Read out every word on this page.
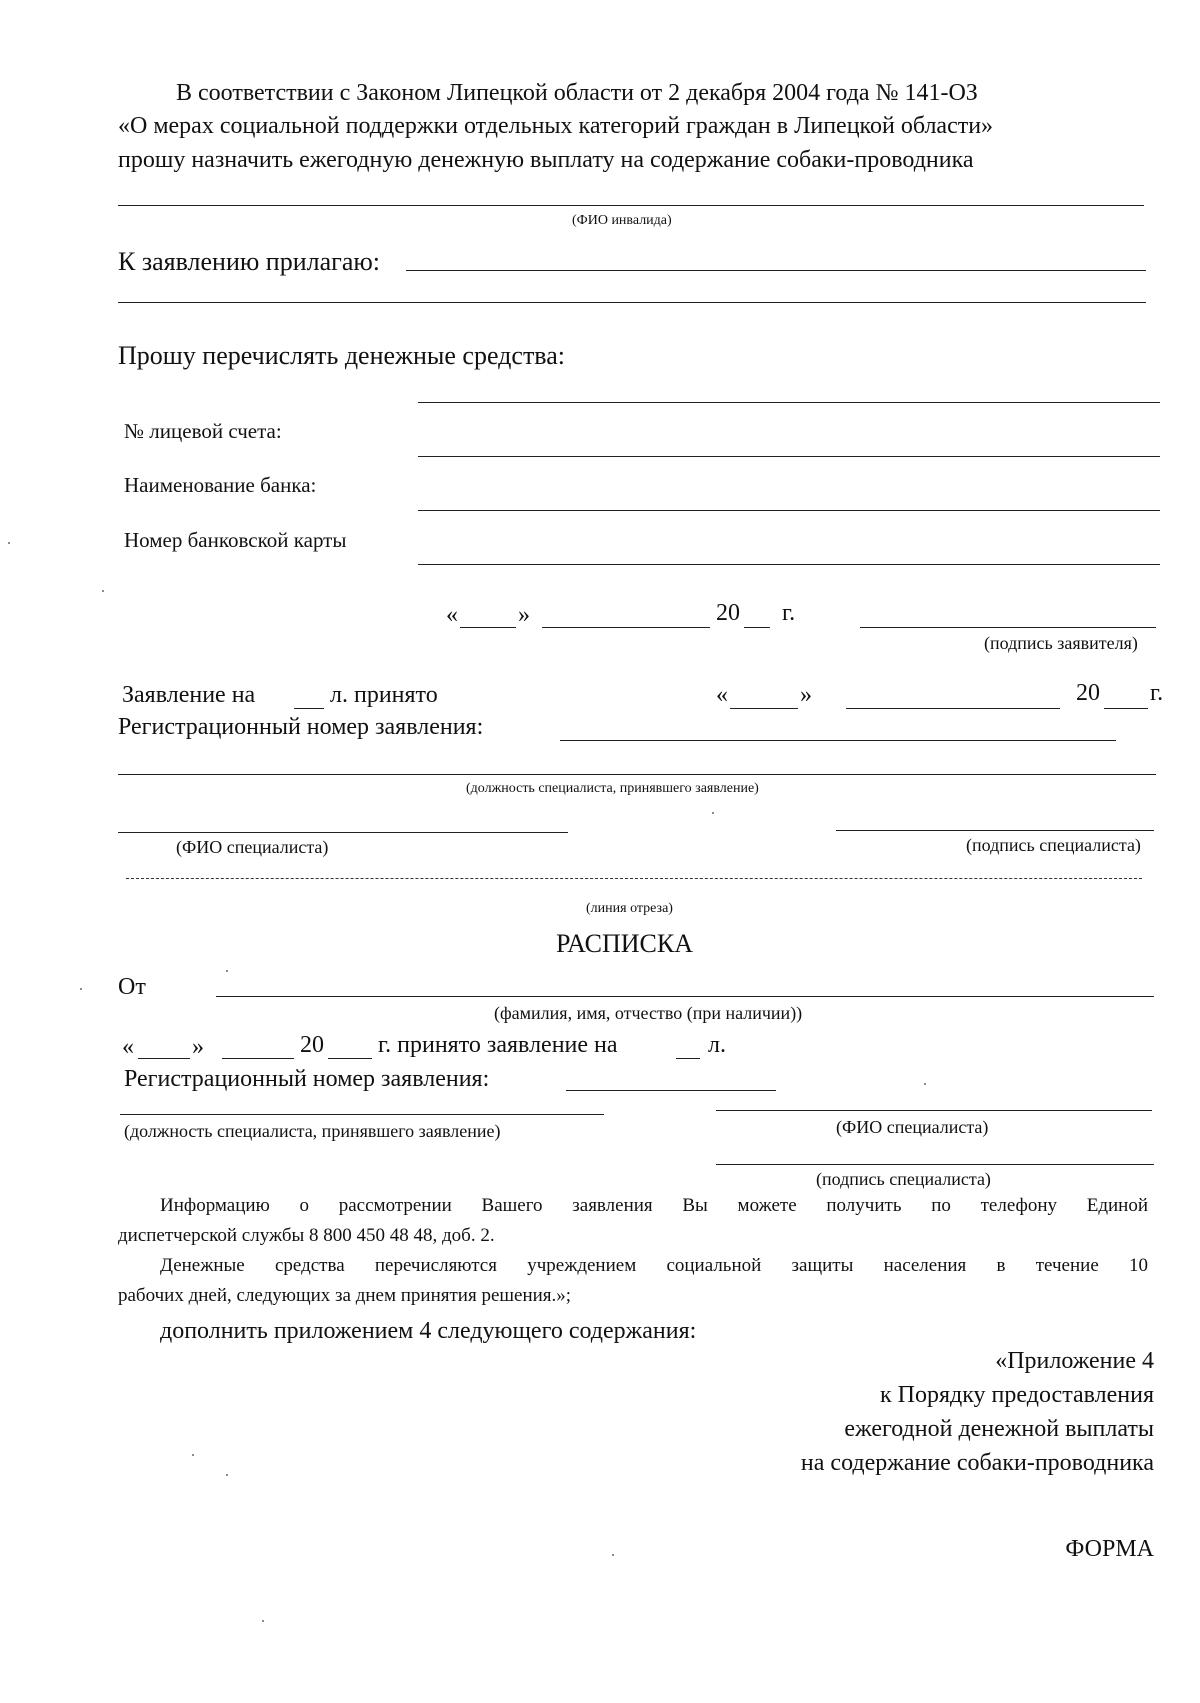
В соответствии с Законом Липецкой области от 2 декабря 2004 года № 141-ОЗ
«О мерах социальной поддержки отдельных категорий граждан в Липецкой области»
прошу назначить ежегодную денежную выплату на содержание собаки-проводника
(ФИО инвалида)
К заявлению прилагаю:
Прошу перечислять денежные средства:
№ лицевой счета:
Наименование банка:
Номер банковской карты
«	»	20 г.
(подпись заявителя)
Заявление на	л. принято	«	»	20 г.
Регистрационный номер заявления:
(должность специалиста, принявшего заявление)
(ФИО специалиста)	(подпись специалиста)
(линия отреза)
РАСПИСКА
От
(фамилия, имя, отчество (при наличии))
« »	20 г. принято заявление на	л.
Регистрационный номер заявления:
(должность специалиста, принявшего заявление)	(ФИО специалиста)
(подпись специалиста)
Информацию о рассмотрении Вашего заявления Вы можете получить по телефону Единой
диспетчерской службы 8 800 450 48 48, доб. 2.
Денежные средства перечисляются учреждением социальной защиты населения в течение 10
рабочих дней, следующих за днем принятия решения.»;
дополнить приложением 4 следующего содержания:
«Приложение 4
к Порядку предоставления
ежегодной денежной выплаты
на содержание собаки-проводника
ФОРМА
